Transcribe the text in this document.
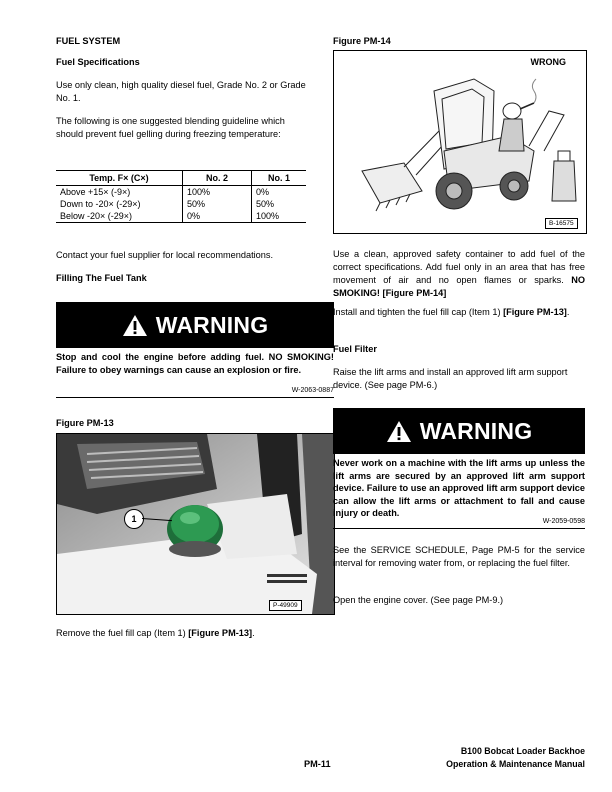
FUEL SYSTEM
Fuel Specifications
Use only clean, high quality diesel fuel, Grade No. 2 or Grade No. 1.
The following is one suggested blending guideline which should prevent fuel gelling during freezing temperature:
Temp. F× (C×)	No. 2	No. 1
Above +15× (-9×)	100%	0%
Down to -20× (-29×)	50%	50%
Below -20× (-29×)	0%	100%
Contact your fuel supplier for local recommendations.
Filling The Fuel Tank
WARNING
Stop and cool the engine before adding fuel. NO SMOKING! Failure to obey warnings can cause an explosion or fire.
W-2063-0887
Figure PM-13
1
P-49909
Remove the fuel fill cap (Item 1) [Figure PM-13].
Figure PM-14
WRONG
B-16575
Use a clean, approved safety container to add fuel of the correct specifications. Add fuel only in an area that has free movement of air and no open flames or sparks. NO SMOKING! [Figure PM-14]
Install and tighten the fuel fill cap (Item 1) [Figure PM-13].
Fuel Filter
Raise the lift arms and install an approved lift arm support device. (See page PM-6.)
WARNING
Never work on a machine with the lift arms up unless the lift arms are secured by an approved lift arm support device. Failure to use an approved lift arm support device can allow the lift arms or attachment to fall and cause injury or death.
W-2059-0598
See the SERVICE SCHEDULE, Page PM-5 for the service interval for removing water from, or replacing the fuel filter.
Open the engine cover. (See page PM-9.)
PM-11
B100 Bobcat Loader Backhoe
Operation & Maintenance Manual
